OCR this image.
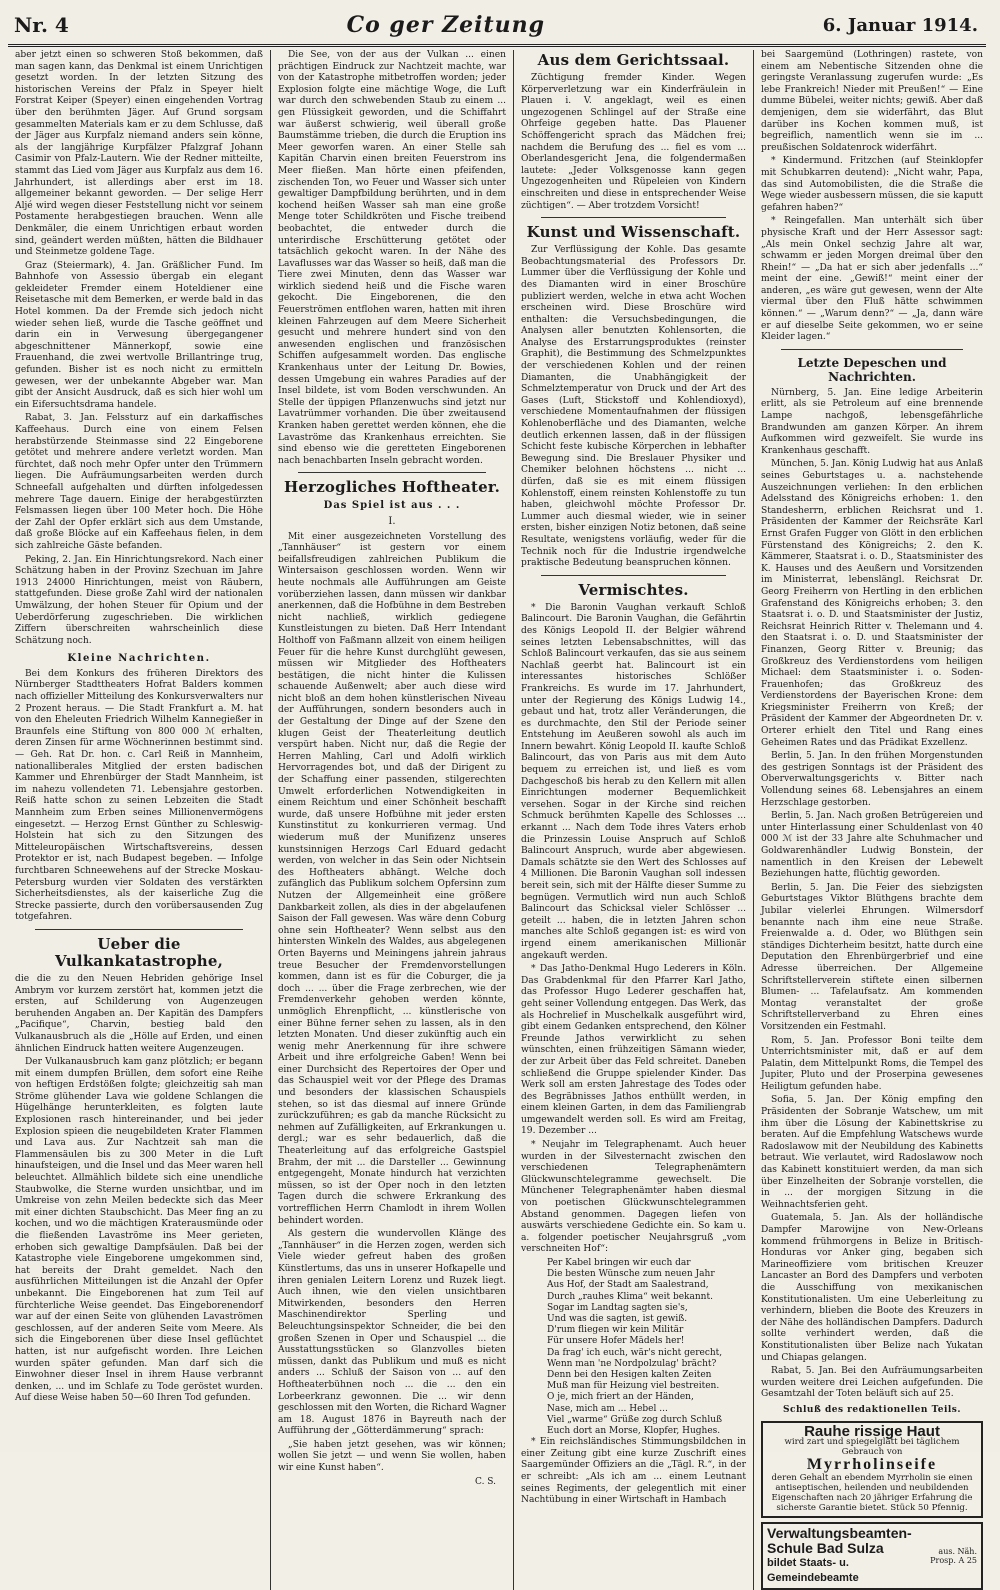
Nr. 4	Co ger Zeitung	6. Januar 1914.

aber jetzt einen so schweren Stoß bekommen, daß man sagen kann, das Denkmal ist einem Unrichtigen gesetzt worden. In der letzten Sitzung des historischen Vereins der Pfalz in Speyer hielt Forstrat Keiper (Speyer) einen eingehenden Vortrag über den berühmten Jäger. Auf Grund sorgsam gesammelten Materials kam er zu dem Schlusse, daß der Jäger aus Kurpfalz niemand anders sein könne, als der langjährige Kurpfälzer Pfalzgraf Johann Casimir von Pfalz-Lautern. Wie der Redner mitteilte, stammt das Lied vom Jäger aus Kurpfalz aus dem 16. Jahrhundert, ist allerdings aber erst im 18. allgemeiner bekannt geworden. — Der selige Herr Aljé wird wegen dieser Feststellung nicht vor seinem Postamente herabgestiegen brauchen. Wenn alle Denkmäler, die einem Unrichtigen erbaut worden sind, geändert werden müßten, hätten die Bildhauer und Steinmetze goldene Tage.

Graz (Steiermark), 4. Jan. Gräßlicher Fund. Im Bahnhofe von Assessio übergab ein elegant gekleideter Fremder einem Hoteldiener eine Reisetasche mit dem Bemerken, er werde bald in das Hotel kommen. Da der Fremde sich jedoch nicht wieder sehen ließ, wurde die Tasche geöffnet und darin ein in Verwesung übergegangener abgeschnittener Männerkopf, sowie eine Frauenhand, die zwei wertvolle Brillantringe trug, gefunden. Bisher ist es noch nicht zu ermitteln gewesen, wer der unbekannte Abgeber war. Man gibt der Ansicht Ausdruck, daß es sich hier wohl um ein Eifersuchtsdrama handele.

Rabat, 3. Jan. Felssturz auf ein darkaffisches Kaffeehaus. Durch eine von einem Felsen herabstürzende Steinmasse sind 22 Eingeborene getötet und mehrere andere verletzt worden. Man fürchtet, daß noch mehr Opfer unter den Trümmern liegen. Die Aufräumungsarbeiten werden durch Schneefall aufgehalten und dürften infolgedessen mehrere Tage dauern. Einige der herabgestürzten Felsmassen liegen über 100 Meter hoch. Die Höhe der Zahl der Opfer erklärt sich aus dem Umstande, daß große Blöcke auf ein Kaffeehaus fielen, in dem sich zahlreiche Gäste befanden.

Peking, 2. Jan. Ein Hinrichtungsrekord. Nach einer Schätzung haben in der Provinz Szechuan im Jahre 1913 24000 Hinrichtungen, meist von Räubern, stattgefunden. Diese große Zahl wird der nationalen Umwälzung, der hohen Steuer für Opium und der Ueberdörferung zugeschrieben. Die wirklichen Ziffern überschreiten wahrscheinlich diese Schätzung noch.

Kleine Nachrichten.

Bei dem Konkurs des früheren Direktors des Nürnberger Stadttheaters Hofrat Balders kommen nach offizieller Mitteilung des Konkursverwalters nur 2 Prozent heraus. — Die Stadt Frankfurt a. M. hat von den Eheleuten Friedrich Wilhelm Kannegießer in Braunfels eine Stiftung von 800 000 ℳ erhalten, deren Zinsen für arme Wöchnerinnen bestimmt sind. — Geh. Rat Dr. hon. c. Carl Reiß in Mannheim, nationalliberales Mitglied der ersten badischen Kammer und Ehrenbürger der Stadt Mannheim, ist im nahezu vollendeten 71. Lebensjahre gestorben. Reiß hatte schon zu seinen Lebzeiten die Stadt Mannheim zum Erben seines Millionenvermögens eingesetzt. — Herzog Ernst Günther zu Schleswig-Holstein hat sich zu den Sitzungen des Mitteleuropäischen Wirtschaftsvereins, dessen Protektor er ist, nach Budapest begeben. — Infolge furchtbaren Schneewehens auf der Strecke Moskau-Petersburg wurden vier Soldaten des verstärkten Sicherheitsdienstes, als der kaiserliche Zug die Strecke passierte, durch den vorübersausenden Zug totgefahren.

Ueber die Vulkankatastrophe,

die die zu den Neuen Hebriden gehörige Insel Ambrym vor kurzem zerstört hat, kommen jetzt die ersten, auf Schilderung von Augenzeugen beruhenden Angaben an. Der Kapitän des Dampfers „Pacifique“, Charvin, bestieg bald den Vulkanausbruch als die „Hölle auf Erden, und einen ähnlichen Eindruck hatten weitere Augenzeugen.

Der Vulkanausbruch kam ganz plötzlich; er begann mit einem dumpfen Brüllen, dem sofort eine Reihe von heftigen Erdstößen folgte; gleichzeitig sah man Ströme glühender Lava wie goldene Schlangen die Hügelhänge herunterkleiten, es folgten laute Explosionen rasch hintereinander, und bei jeder Explosion spieen die neugebildeten Krater Flammen und Lava aus. Zur Nachtzeit sah man die Flammensäulen bis zu 300 Meter in die Luft hinaufsteigen, und die Insel und das Meer waren hell beleuchtet. Allmählich bildete sich eine unendliche Staubwolke, die Sterne wurden unsichtbar, und im Umkreise von zehn Meilen bedeckte sich das Meer mit einer dichten Staubschicht. Das Meer fing an zu kochen, und wo die mächtigen Kraterausmünde oder die fließenden Lavaströme ins Meer gerieten, erhoben sich gewaltige Dampfsäulen. Daß bei der Katastrophe viele Eingeborene umgekommen sind, hat bereits der Draht gemeldet. Nach den ausführlichen Mitteilungen ist die Anzahl der Opfer unbekannt. Die Eingeborenen hat zum Teil auf fürchterliche Weise geendet. Das Eingeborenendorf war auf der einen Seite von glühenden Lavaströmen geschlossen, auf der anderen Seite vom Meere. Als sich die Eingeborenen über diese Insel geflüchtet hatten, ist nur aufgefischt worden. Ihre Leichen wurden später gefunden. Man darf sich die Einwohner dieser Insel in ihrem Hause verbrannt denken, ... und im Schlafe zu Tode geröstet wurden. Auf diese Weise haben 50—60 Ihren Tod gefunden.

Die See, von der aus der Vulkan ... einen prächtigen Eindruck zur Nachtzeit machte, war von der Katastrophe mitbetroffen worden; jeder Explosion folgte eine mächtige Woge, die Luft war durch den schwebenden Staub zu einem ... gen Flüssigkeit geworden, und die Schiffahrt war äußerst schwierig, weil überall große Baumstämme trieben, die durch die Eruption ins Meer geworfen waren. An einer Stelle sah Kapitän Charvin einen breiten Feuerstrom ins Meer fließen. Man hörte einen pfeifenden, zischenden Ton, wo Feuer und Wasser sich unter gewaltiger Dampfbildung berührten, und in dem kochend heißen Wasser sah man eine große Menge toter Schildkröten und Fische treibend beobachtet, die entweder durch die unterirdische Erschütterung getötet oder tatsächlich gekocht waren. In der Nähe des Lavaflusses war das Wasser so heiß, daß man die Tiere zwei Minuten, denn das Wasser war wirklich siedend heiß und die Fische waren gekocht. Die Eingeborenen, die den Feuerströmen entflohen waren, hatten mit ihren kleinen Fahrzeugen auf dem Meere Sicherheit gesucht und mehrere hundert sind von den anwesenden englischen und französischen Schiffen aufgesammelt worden. Das englische Krankenhaus unter der Leitung Dr. Bowies, dessen Umgebung ein wahres Paradies auf der Insel bildete, ist vom Boden verschwunden. An Stelle der üppigen Pflanzenwuchs sind jetzt nur Lavatrümmer vorhanden. Die über zweitausend Kranken haben gerettet werden können, ehe die Lavaströme das Krankenhaus erreichten. Sie sind ebenso wie die geretteten Eingeborenen nach benachbarten Inseln gebracht worden.

Herzogliches Hoftheater.
Das Spiel ist aus . . .
I.

Mit einer ausgezeichneten Vorstellung des „Tannhäuser“ ist gestern vor einem beifallsfreudigen zahlreichen Publikum die Wintersaison geschlossen worden. Wenn wir heute nochmals alle Aufführungen am Geiste vorüberziehen lassen, dann müssen wir dankbar anerkennen, daß die Hofbühne in dem Bestreben nicht nachließ, wirklich gediegene Kunstleistungen zu bieten. Daß Herr Intendant Holthoff von Faßmann allzeit von einem heiligen Feuer für die hehre Kunst durchglüht gewesen, müssen wir Mitglieder des Hoftheaters bestätigen, die nicht hinter die Kulissen schauende Außenwelt; aber auch diese wird nicht bloß an dem hohen künstlerischen Niveau der Aufführungen, sondern besonders auch in der Gestaltung der Dinge auf der Szene den klugen Geist der Theaterleitung deutlich verspürt haben. Nicht nur, daß die Regie der Herren Mahling, Carl und Adolfi wirklich Hervorragendes bot, und daß der Dirigent zu der Schaffung einer passenden, stilgerechten Umwelt erforderlichen Notwendigkeiten in einem Reichtum und einer Schönheit beschafft wurde, daß unsere Hofbühne mit jeder ersten Kunstinstitut zu konkurrieren vermag. Und wiederum muß der Munifizenz unseres kunstsinnigen Herzogs Carl Eduard gedacht werden, von welcher in das Sein oder Nichtsein des Hoftheaters abhängt. Welche doch zufänglich das Publikum solchem Opfersinn zum Nutzen der Allgemeinheit eine größere Dankbarkeit zollen, als dies in der abgelaufenen Saison der Fall gewesen. Was wäre denn Coburg ohne sein Hoftheater? Wenn selbst aus den hintersten Winkeln des Waldes, aus abgelegenen Orten Bayerns und Meiningens jahrein jahraus treue Besucher der Fremdenvorstellungen kommen, dann ist es für die Coburger, die ja doch ... ... über die Frage zerbrechen, wie der Fremdenverkehr gehoben werden könnte, unmöglich Ehrenpflicht, ... künstlerische von einer Bühne ferner sehen zu lassen, als in den letzten Monaten. Und dieser zukünftig auch ein wenig mehr Anerkennung für ihre schwere Arbeit und ihre erfolgreiche Gaben! Wenn bei einer Durchsicht des Repertoires der Oper und das Schauspiel weit vor der Pflege des Dramas und besonders der klassischen Schauspiels stehen, so ist das diesmal auf innere Gründe zurückzuführen; es gab da manche Rücksicht zu nehmen auf Zufälligkeiten, auf Erkrankungen u. dergl.; war es sehr bedauerlich, daß die Theaterleitung auf das erfolgreiche Gastspiel Brahm, der mit ... die Darsteller ... Gewinnung entgegengeht, Monate hindurch hat verzichten müssen, so ist der Oper noch in den letzten Tagen durch die schwere Erkrankung des vortrefflichen Herrn Chamlodt in ihrem Wollen behindert worden.

Als gestern die wundervollen Klänge des „Tannhäuser“ in die Herzen zogen, werden sich Viele wieder gefreut haben des großen Künstlertums, das uns in unserer Hofkapelle und ihren genialen Leitern Lorenz und Ruzek liegt. Auch ihnen, wie den vielen unsichtbaren Mitwirkenden, besonders den Herren Maschinendirektor Sperling und Beleuchtungsinspektor Schneider, die bei den großen Szenen in Oper und Schauspiel ... die Ausstattungsstücken so Glanzvolles bieten müssen, dankt das Publikum und muß es nicht anders ... Schluß der Saison von ... auf den Hoftheaterbühnen noch ... die ... den ein Lorbeerkranz gewonnen. Die ... wir denn geschlossen mit den Worten, die Richard Wagner am 18. August 1876 in Bayreuth nach der Aufführung der „Götterdämmerung“ sprach:

„Sie haben jetzt gesehen, was wir können; wollen Sie jetzt — und wenn Sie wollen, haben wir eine Kunst haben“.

C. S.
Aus dem Gerichtssaal.

Züchtigung fremder Kinder. Wegen Körperverletzung war ein Kinderfräulein in Plauen i. V. angeklagt, weil es einen ungezogenen Schlingel auf der Straße eine Ohrfeige gegeben hatte. Das Plauener Schöffengericht sprach das Mädchen frei; nachdem die Berufung des ... fiel es vom ... Oberlandesgericht Jena, die folgendermaßen lautete: „Jeder Volksgenosse kann gegen Ungezogenheiten und Rüpeleien von Kindern einschreiten und diese in entsprechender Weise züchtigen“. — Aber trotzdem Vorsicht!

Kunst und Wissenschaft.

Zur Verflüssigung der Kohle. Das gesamte Beobachtungsmaterial des Professors Dr. Lummer über die Verflüssigung der Kohle und des Diamanten wird in einer Broschüre publiziert werden, welche in etwa acht Wochen erscheinen wird. Diese Broschüre wird enthalten: die Versuchsbedingungen, die Analysen aller benutzten Kohlensorten, die Analyse des Erstarrungsproduktes (reinster Graphit), die Bestimmung des Schmelzpunktes der verschiedenen Kohlen und der reinen Diamanten, die Unabhängigkeit der Schmelztemperatur von Druck und der Art des Gases (Luft, Stickstoff und Kohlendioxyd), verschiedene Momentaufnahmen der flüssigen Kohlenoberfläche und des Diamanten, welche deutlich erkennen lassen, daß in der flüssigen Schicht feste kubische Körperchen in lebhafter Bewegung sind. Die Breslauer Physiker und Chemiker belohnen höchstens ... nicht ... dürfen, daß sie es mit einem flüssigen Kohlenstoff, einem reinsten Kohlenstoffe zu tun haben, gleichwohl möchte Professor Dr. Lummer auch diesmal wieder, wie in seiner ersten, bisher einzigen Notiz betonen, daß seine Resultate, wenigstens vorläufig, weder für die Technik noch für die Industrie irgendwelche praktische Bedeutung beanspruchen können.

Vermischtes.

* Die Baronin Vaughan verkauft Schloß Balincourt. Die Baronin Vaughan, die Gefährtin des Königs Leopold II. der Belgier während seines letzten Lebensabschnittes, will das Schloß Balincourt verkaufen, das sie aus seinem Nachlaß geerbt hat. Balincourt ist ein interessantes historisches Schlößer Frankreichs. Es wurde im 17. Jahrhundert, unter der Regierung des Königs Ludwig 14., gebaut und hat, trotz aller Veränderungen, die es durchmachte, den Stil der Periode seiner Entstehung im Aeußeren sowohl als auch im Innern bewahrt. König Leopold II. kaufte Schloß Balincourt, das von Paris aus mit dem Auto bequem zu erreichen ist, und ließ es vom Dachgeschoß bis herab zu den Kellern mit allen Einrichtungen moderner Bequemlichkeit versehen. Sogar in der Kirche sind reichen Schmuck berühmten Kapelle des Schlosses ... erkannt ... Nach dem Tode ihres Vaters erhob die Prinzessin Louise Anspruch auf Schloß Balincourt Anspruch, wurde aber abgewiesen. Damals schätzte sie den Wert des Schlosses auf 4 Millionen. Die Baronin Vaughan soll indessen bereit sein, sich mit der Hälfte dieser Summe zu begnügen. Vermutlich wird nun auch Schloß Balincourt das Schicksal vieler Schlösser ... geteilt ... haben, die in letzten Jahren schon manches alte Schloß gegangen ist: es wird von irgend einem amerikanischen Millionär angekauft werden.

* Das Jatho-Denkmal Hugo Lederers in Köln. Das Grabdenkmal für den Pfarrer Karl Jatho, das Professor Hugo Lederer geschaffen hat, geht seiner Vollendung entgegen. Das Werk, das als Hochrelief in Muschelkalk ausgeführt wird, gibt einem Gedanken entsprechend, den Kölner Freunde Jathos verwirklicht zu sehen wünschten, einen frühzeitigen Sämann wieder, der zur Arbeit über das Feld schreitet. Daneben schließend die Gruppe spielender Kinder. Das Werk soll am ersten Jahrestage des Todes oder des Begräbnisses Jathos enthüllt werden, in einem kleinen Garten, in dem das Familiengrab umgewandelt werden soll. Es wird am Freitag, 19. Dezember ...

* Neujahr im Telegraphenamt. Auch heuer wurden in der Silvesternacht zwischen den verschiedenen Telegraphenämtern Glückwunschtelegramme gewechselt. Die Münchener Telegraphenämter haben diesmal von poetischen Glückwunschtelegrammen Abstand genommen. Dagegen liefen von auswärts verschiedene Gedichte ein. So kam u. a. folgender poetischer Neujahrsgruß „vom verschneiten Hof“:

Per Kabel bringen wir euch dar
Die besten Wünsche zum neuen Jahr
Aus Hof, der Stadt am Saalestrand,
Durch „rauhes Klima“ weit bekannt.
Sogar im Landtag sagten sie's,
Und was die sagten, ist gewiß.
D'rum fliegen wir kein Militär
Für unsere Hofer Mädels her!
Da frag' ich euch, wär's nicht gerecht,
Wenn man 'ne Nordpolzulag' brächt?
Denn bei den Hesigen kalten Zeiten
Muß man für Heizung viel bestreiten.
O je, mich friert an der Händen,
Nase, mich am ... Hebel ...
Viel „warme“ Grüße zog durch Schluß
Euch dort an Morse, Klopfer, Hughes.

* Ein reichsländisches Stimmungsbildchen in einer Zeitung gibt eine kurze Zuschrift eines Saargemünder Offiziers an die „Tägl. R.“, in der er schreibt: „Als ich am ... einem Leutnant seines Regiments, der gelegentlich mit einer Nachtübung in einer Wirtschaft in Hambach

bei Saargemünd (Lothringen) rastete, von einem am Nebentische Sitzenden ohne die geringste Veranlassung zugerufen wurde: „Es lebe Frankreich! Nieder mit Preußen!“ — Eine dumme Bübelei, weiter nichts; gewiß. Aber daß demjenigen, dem sie widerfährt, das Blut darüber ins Kochen kommen muß, ist begreiflich, namentlich wenn sie im ... preußischen Soldatenrock widerfährt.

* Kindermund. Fritzchen (auf Steinklopfer mit Schubkarren deutend): „Nicht wahr, Papa, das sind Automobilisten, die die Straße die Wege wieder ausbessern müssen, die sie kaputt gefahren haben?“

* Reingefallen. Man unterhält sich über physische Kraft und der Herr Assessor sagt: „Als mein Onkel sechzig Jahre alt war, schwamm er jeden Morgen dreimal über den Rhein!“ — „Da hat er sich aber jedenfalls ...“ meint der eine. „Gewiß!“ meint einer der anderen, „es wäre gut gewesen, wenn der Alte viermal über den Fluß hätte schwimmen können.“ — „Warum denn?“ — „Ja, dann wäre er auf dieselbe Seite gekommen, wo er seine Kleider lagen.“

Letzte Depeschen und Nachrichten.

Nürnberg, 5. Jan. Eine ledige Arbeiterin erlitt, als sie Petroleum auf eine brennende Lampe nachgoß, lebensgefährliche Brandwunden am ganzen Körper. An ihrem Aufkommen wird gezweifelt. Sie wurde ins Krankenhaus geschafft.

München, 5. Jan. König Ludwig hat aus Anlaß seines Geburtstages u. a. nachstehende Auszeichnungen verliehen: In den erblichen Adelsstand des Königreichs erhoben: 1. den Standesherrn, erblichen Reichsrat und 1. Präsidenten der Kammer der Reichsräte Karl Ernst Grafen Fugger von Glött in den erblichen Fürstenstand des Königreichs; 2. den K. Kämmerer, Staatsrat i. o. D., Staatsminister des K. Hauses und des Aeußern und Vorsitzenden im Ministerrat, lebenslängl. Reichsrat Dr. Georg Freiherrn von Hertling in den erblichen Grafenstand des Königreichs erhoben; 3. den Staatsrat i. o. D. und Staatsminister der Justiz, Reichsrat Heinrich Ritter v. Thelemann und 4. den Staatsrat i. o. D. und Staatsminister der Finanzen, Georg Ritter v. Breunig; das Großkreuz des Verdienstordens vom heiligen Michael: dem Staatsminister i. o. Soden-Frauenhofen; das Großkreuz des Verdienstordens der Bayerischen Krone: dem Kriegsminister Freiherrn von Kreß; der Präsident der Kammer der Abgeordneten Dr. v. Orterer erhielt den Titel und Rang eines Geheimen Rates und das Prädikat Exzellenz.

Berlin, 5. Jan. In den frühen Morgenstunden des gestrigen Sonntags ist der Präsident des Oberverwaltungsgerichts v. Bitter nach Vollendung seines 68. Lebensjahres an einem Herzschlage gestorben.

Berlin, 5. Jan. Nach großen Betrügereien und unter Hinterlassung einer Schuldenlast von 40 000 ℳ ist der 33 Jahre alte Schuhmacher und Goldwarenhändler Ludwig Bonstein, der namentlich in den Kreisen der Lebewelt Beziehungen hatte, flüchtig geworden.

Berlin, 5. Jan. Die Feier des siebzigsten Geburtstages Viktor Blüthgens brachte dem Jubilar vielerlei Ehrungen. Wilmersdorf benannte nach ihm eine neue Straße. Freienwalde a. d. Oder, wo Blüthgen sein ständiges Dichterheim besitzt, hatte durch eine Deputation den Ehrenbürgerbrief und eine Adresse überreichen. Der Allgemeine Schriftstellerverein stiftete einen silbernen Blumen- ... Tafelaufsatz. Am kommenden Montag veranstaltet der große Schriftstellerverband zu Ehren eines Vorsitzenden ein Festmahl.

Rom, 5. Jan. Professor Boni teilte dem Unterrichtsminister mit, daß er auf dem Palatin, dem Mittelpunkt Roms, die Tempel des Jupiter, Pluto und der Proserpina gewesenes Heiligtum gefunden habe.

Sofia, 5. Jan. Der König empfing den Präsidenten der Sobranje Watschew, um mit ihm über die Lösung der Kabinettskrise zu beraten. Auf die Empfehlung Watschews wurde Radoslawow mit der Neubildung des Kabinetts betraut. Wie verlautet, wird Radoslawow noch das Kabinett konstituiert werden, da man sich über Einzelheiten der Sobranje vorstellen, die in ... der morgigen Sitzung in die Weihnachtsferien geht.

Guatemala, 5. Jan. Als der holländische Dampfer Marowijne von New-Orleans kommend frühmorgens in Belize in Britisch-Honduras vor Anker ging, begaben sich Marineoffiziere vom britischen Kreuzer Lancaster an Bord des Dampfers und verboten die Ausschiffung von mexikanischen Konstitutionalisten. Um eine Ueberleitung zu verhindern, blieben die Boote des Kreuzers in der Nähe des holländischen Dampfers. Dadurch sollte verhindert werden, daß die Konstitutionalisten über Belize nach Yukatan und Chiapas gelangen.

Rabat, 5. Jan. Bei den Aufräumungsarbeiten wurden weitere drei Leichen aufgefunden. Die Gesamtzahl der Toten beläuft sich auf 25.

Schluß des redaktionellen Teils.
Rauhe rissige Haut
wird zart und spiegelglatt bei täglichem Gebrauch von
Myrrholinseife
deren Gehalt an ebendem Myrrholin sie einen antiseptischen, heilenden und neubildenden Eigenschaften nach 20 jähriger Erfahrung die sicherste Garantie bietet. Stück 50 Pfennig.
Verwaltungsbeamten-Schule Bad Sulza
bildet Staats- u. Gemeindebeamte
aus. Näh. Prosp. A 25
